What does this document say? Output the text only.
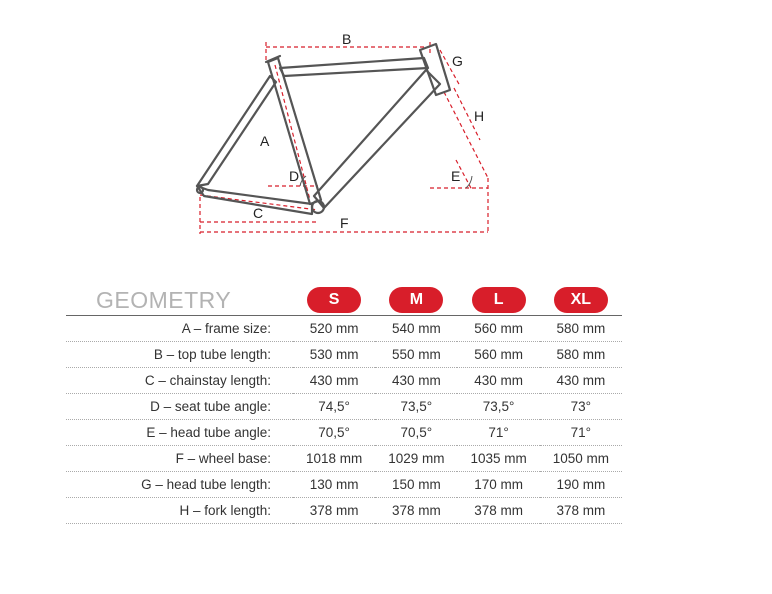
A
B
C
D	E
F
G
H
GEOMETRY	S	M	L	XL

A – frame size:	520 mm	540 mm	560 mm	580 mm
B – top tube length:	530 mm	550 mm	560 mm	580 mm
C – chainstay length:	430 mm	430 mm	430 mm	430 mm
D – seat tube angle:	74,5°	73,5°	73,5°	73°
E – head tube angle:	70,5°	70,5°	71°	71°
F – wheel base:	1018 mm	1029 mm	1035 mm	1050 mm
G – head tube length:	130 mm	150 mm	170 mm	190 mm
H – fork length:	378 mm	378 mm	378 mm	378 mm
